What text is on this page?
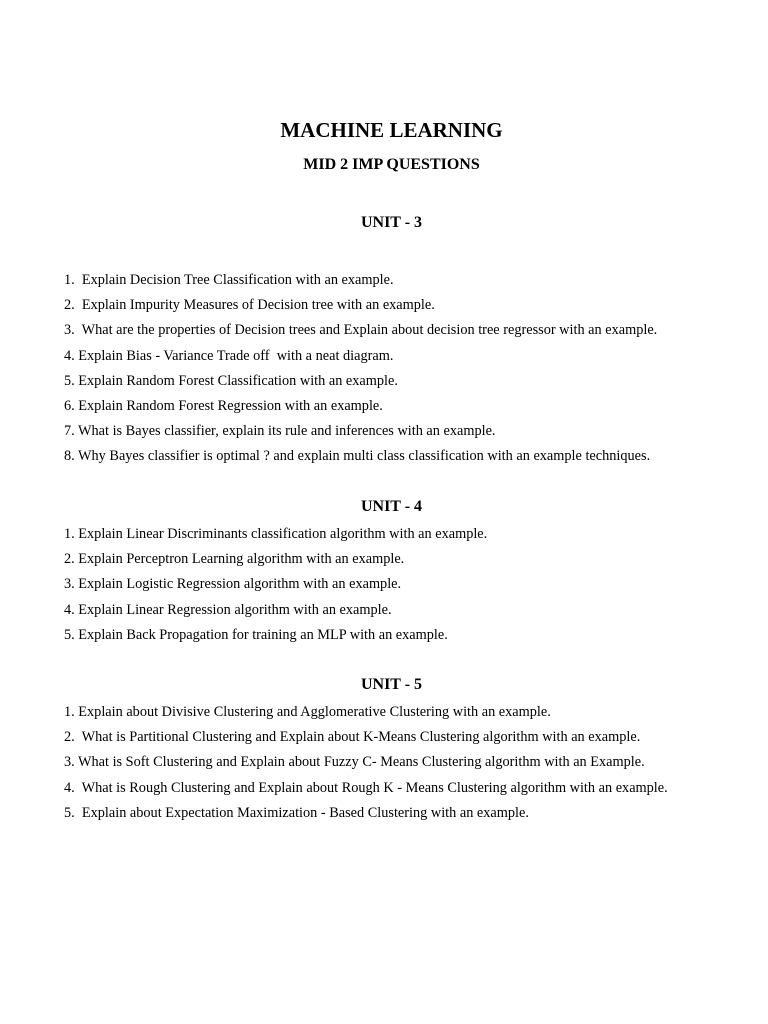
MACHINE LEARNING
MID 2 IMP QUESTIONS
UNIT - 3
1.  Explain Decision Tree Classification with an example.
2.  Explain Impurity Measures of Decision tree with an example.
3.  What are the properties of Decision trees and Explain about decision tree regressor with an example.
4. Explain Bias - Variance Trade off  with a neat diagram.
5. Explain Random Forest Classification with an example.
6. Explain Random Forest Regression with an example.
7. What is Bayes classifier, explain its rule and inferences with an example.
8. Why Bayes classifier is optimal ? and explain multi class classification with an example techniques.
UNIT - 4
1. Explain Linear Discriminants classification algorithm with an example.
2. Explain Perceptron Learning algorithm with an example.
3. Explain Logistic Regression algorithm with an example.
4. Explain Linear Regression algorithm with an example.
5. Explain Back Propagation for training an MLP with an example.
UNIT - 5
1. Explain about Divisive Clustering and Agglomerative Clustering with an example.
2.  What is Partitional Clustering and Explain about K-Means Clustering algorithm with an example.
3. What is Soft Clustering and Explain about Fuzzy C- Means Clustering algorithm with an Example.
4.  What is Rough Clustering and Explain about Rough K - Means Clustering algorithm with an example.
5.  Explain about Expectation Maximization - Based Clustering with an example.
